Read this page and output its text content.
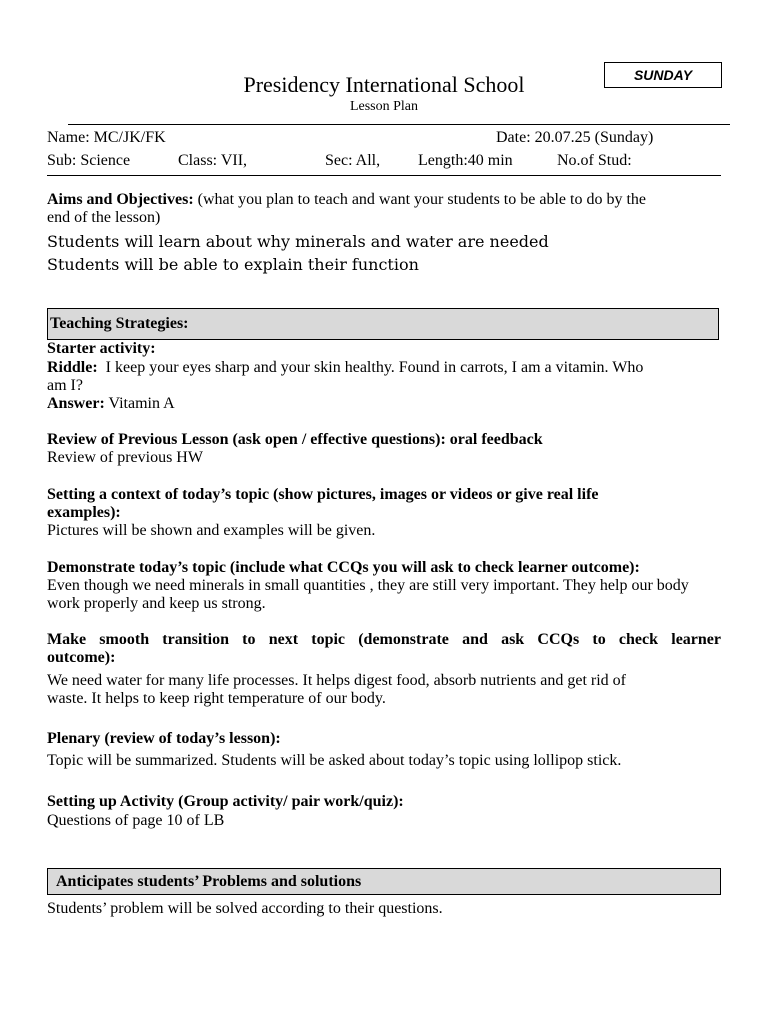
SUNDAY
Presidency International School
Lesson Plan
Name: MC/JK/FK	Date: 20.07.25 (Sunday)
Sub: Science	Class: VII,	Sec: All, Length:40 min	No.of Stud:
Aims and Objectives: (what you plan to teach and want your students to be able to do by the
end of the lesson)
Students will learn about why minerals and water are needed
Students will be able to explain their function
Teaching Strategies:
Starter activity:
Riddle:  I keep your eyes sharp and your skin healthy. Found in carrots, I am a vitamin. Who
am I?
Answer: Vitamin A
Review of Previous Lesson (ask open / effective questions): oral feedback
Review of previous HW
Setting a context of today’s topic (show pictures, images or videos or give real life
examples):
Pictures will be shown and examples will be given.
Demonstrate today’s topic (include what CCQs you will ask to check learner outcome):
Even though we need minerals in small quantities , they are still very important. They help our body
work properly and keep us strong.
Make smooth transition to next topic (demonstrate and ask CCQs to check learner
outcome):
We need water for many life processes. It helps digest food, absorb nutrients and get rid of
waste. It helps to keep right temperature of our body.
Plenary (review of today’s lesson):
Topic will be summarized. Students will be asked about today’s topic using lollipop stick.
Setting up Activity (Group activity/ pair work/quiz):
Questions of page 10 of LB
Anticipates students’ Problems and solutions
Students’ problem will be solved according to their questions.
